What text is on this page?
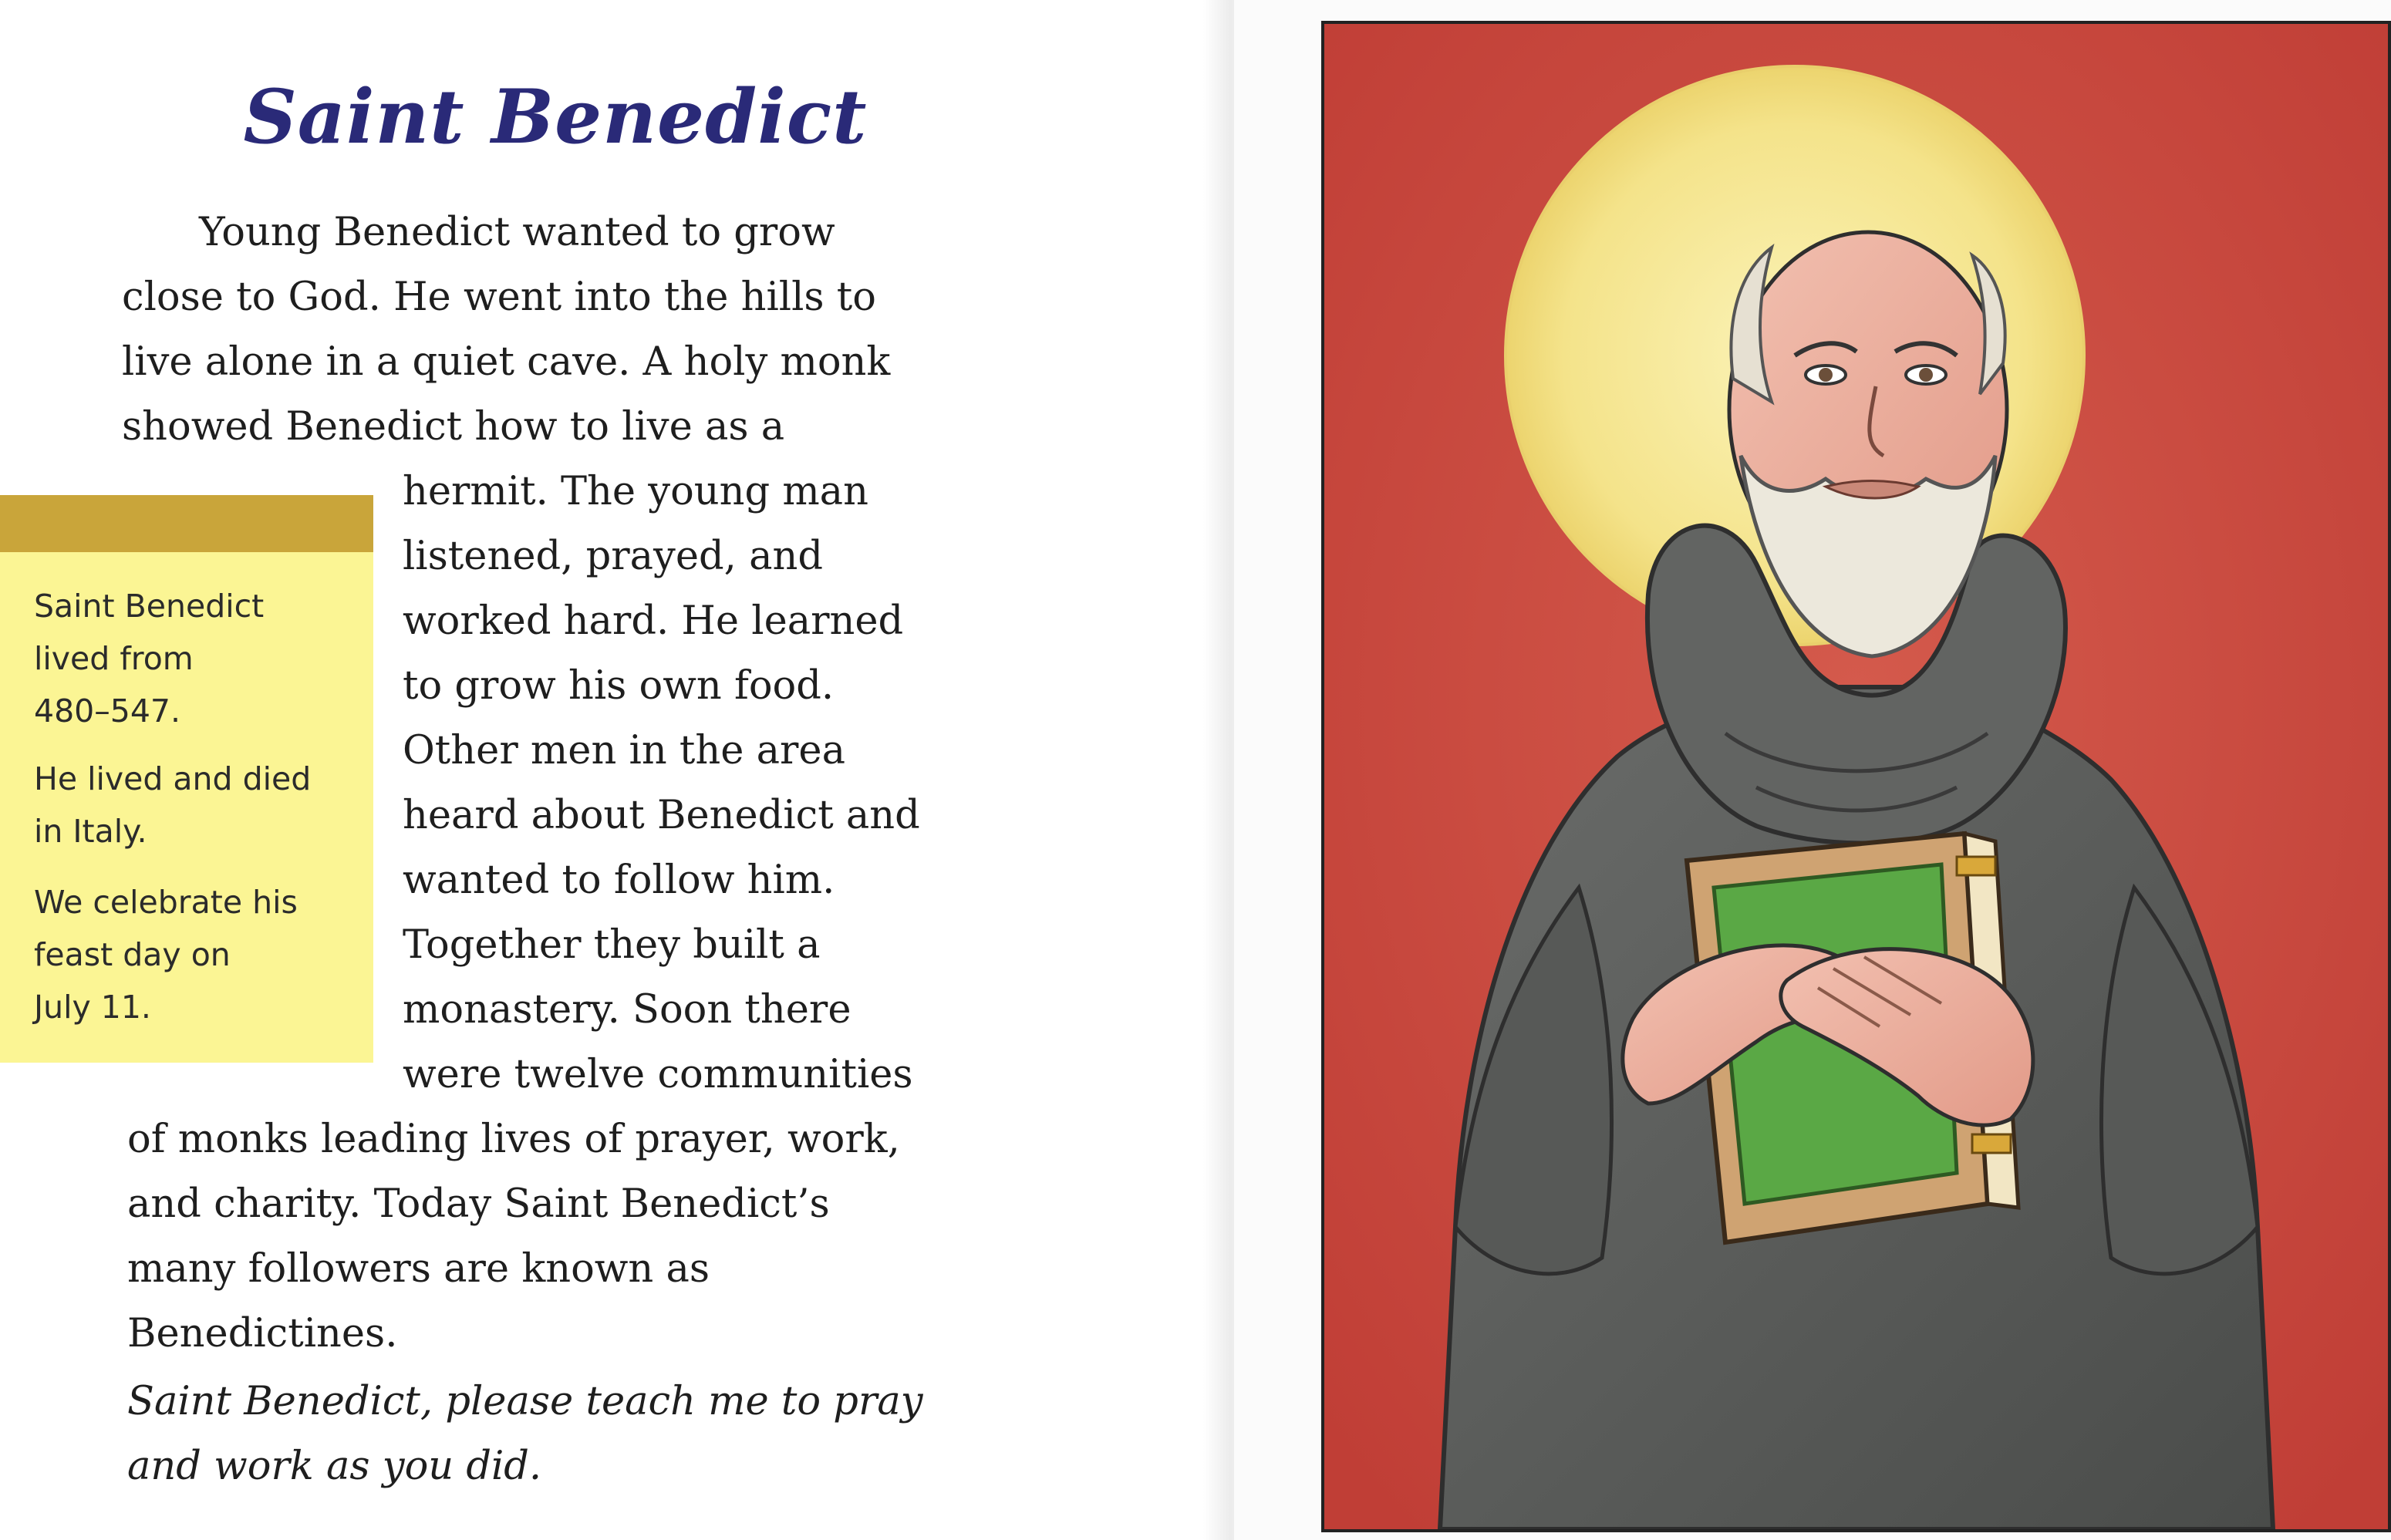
Saint Benedict
Young Benedict wanted to grow
close to God. He went into the hills to
live alone in a quiet cave. A holy monk
showed Benedict how to live as a
hermit. The young man
listened, prayed, and
worked hard. He learned
to grow his own food.
Other men in the area
heard about Benedict and
wanted to follow him.
Together they built a
monastery. Soon there
were twelve communities
of monks leading lives of prayer, work,
and charity. Today Saint Benedict’s
many followers are known as
Benedictines.
Saint Benedict, please teach me to pray
and work as you did.
Saint Benedict
lived from
480–547.
He lived and died
in Italy.
We celebrate his
feast day on
July 11.
